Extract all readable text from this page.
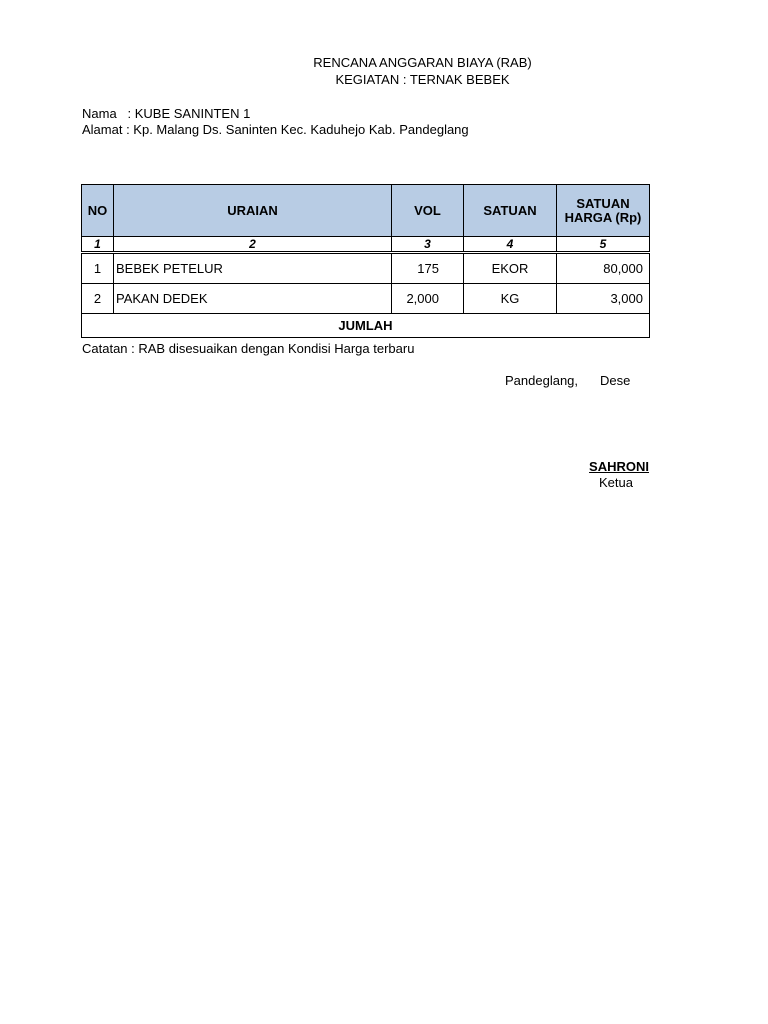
RENCANA ANGGARAN BIAYA (RAB)
KEGIATAN : TERNAK BEBEK
Nama   : KUBE SANINTEN 1
Alamat : Kp. Malang Ds. Saninten Kec. Kaduhejo Kab. Pandeglang
NO	URAIAN	VOL	SATUAN	SATUAN HARGA (Rp)
1	2	3	4	5
1	BEBEK PETELUR	175	EKOR	80,000
2	PAKAN DEDEK	2,000	KG	3,000
JUMLAH				
Catatan : RAB disesuaikan dengan Kondisi Harga terbaru
Pandeglang, Dese
SAHRONI
Ketua
